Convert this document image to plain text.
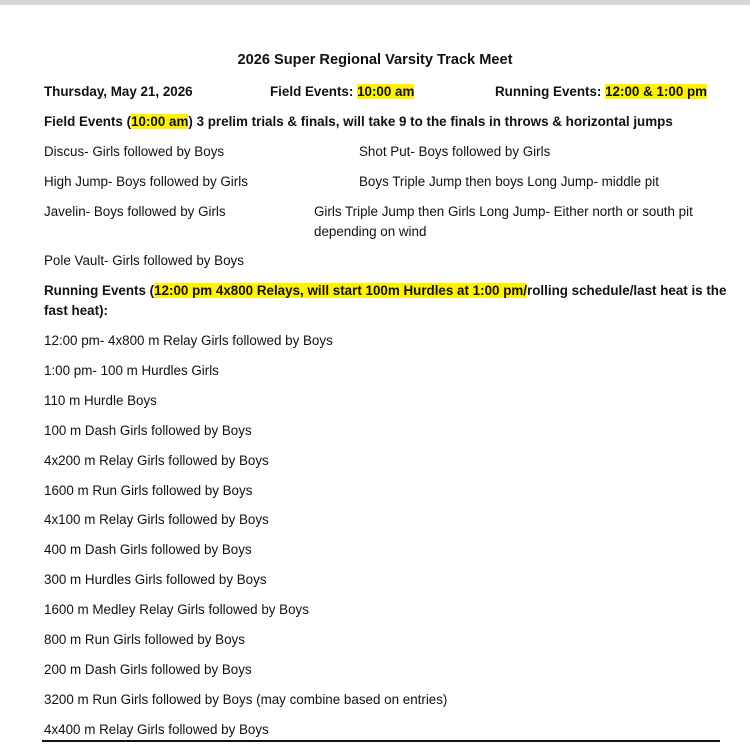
2026 Super Regional Varsity Track Meet
Thursday, May 21, 2026	Field Events: 10:00 am	Running Events: 12:00 & 1:00 pm
Field Events (10:00 am) 3 prelim trials & finals, will take 9 to the finals in throws & horizontal jumps
Discus- Girls followed by Boys	Shot Put- Boys followed by Girls
High Jump- Boys followed by Girls	Boys Triple Jump then boys Long Jump- middle pit
Javelin- Boys followed by Girls	Girls Triple Jump then Girls Long Jump- Either north or south pit
depending on wind
Pole Vault- Girls followed by Boys
Running Events (12:00 pm 4x800 Relays, will start 100m Hurdles at 1:00 pm/rolling schedule/last heat is the
fast heat):
12:00 pm- 4x800 m Relay Girls followed by Boys
1:00 pm- 100 m Hurdles Girls
110 m Hurdle Boys
100 m Dash Girls followed by Boys
4x200 m Relay Girls followed by Boys
1600 m Run Girls followed by Boys
4x100 m Relay Girls followed by Boys
400 m Dash Girls followed by Boys
300 m Hurdles Girls followed by Boys
1600 m Medley Relay Girls followed by Boys
800 m Run Girls followed by Boys
200 m Dash Girls followed by Boys
3200 m Run Girls followed by Boys (may combine based on entries)
4x400 m Relay Girls followed by Boys
